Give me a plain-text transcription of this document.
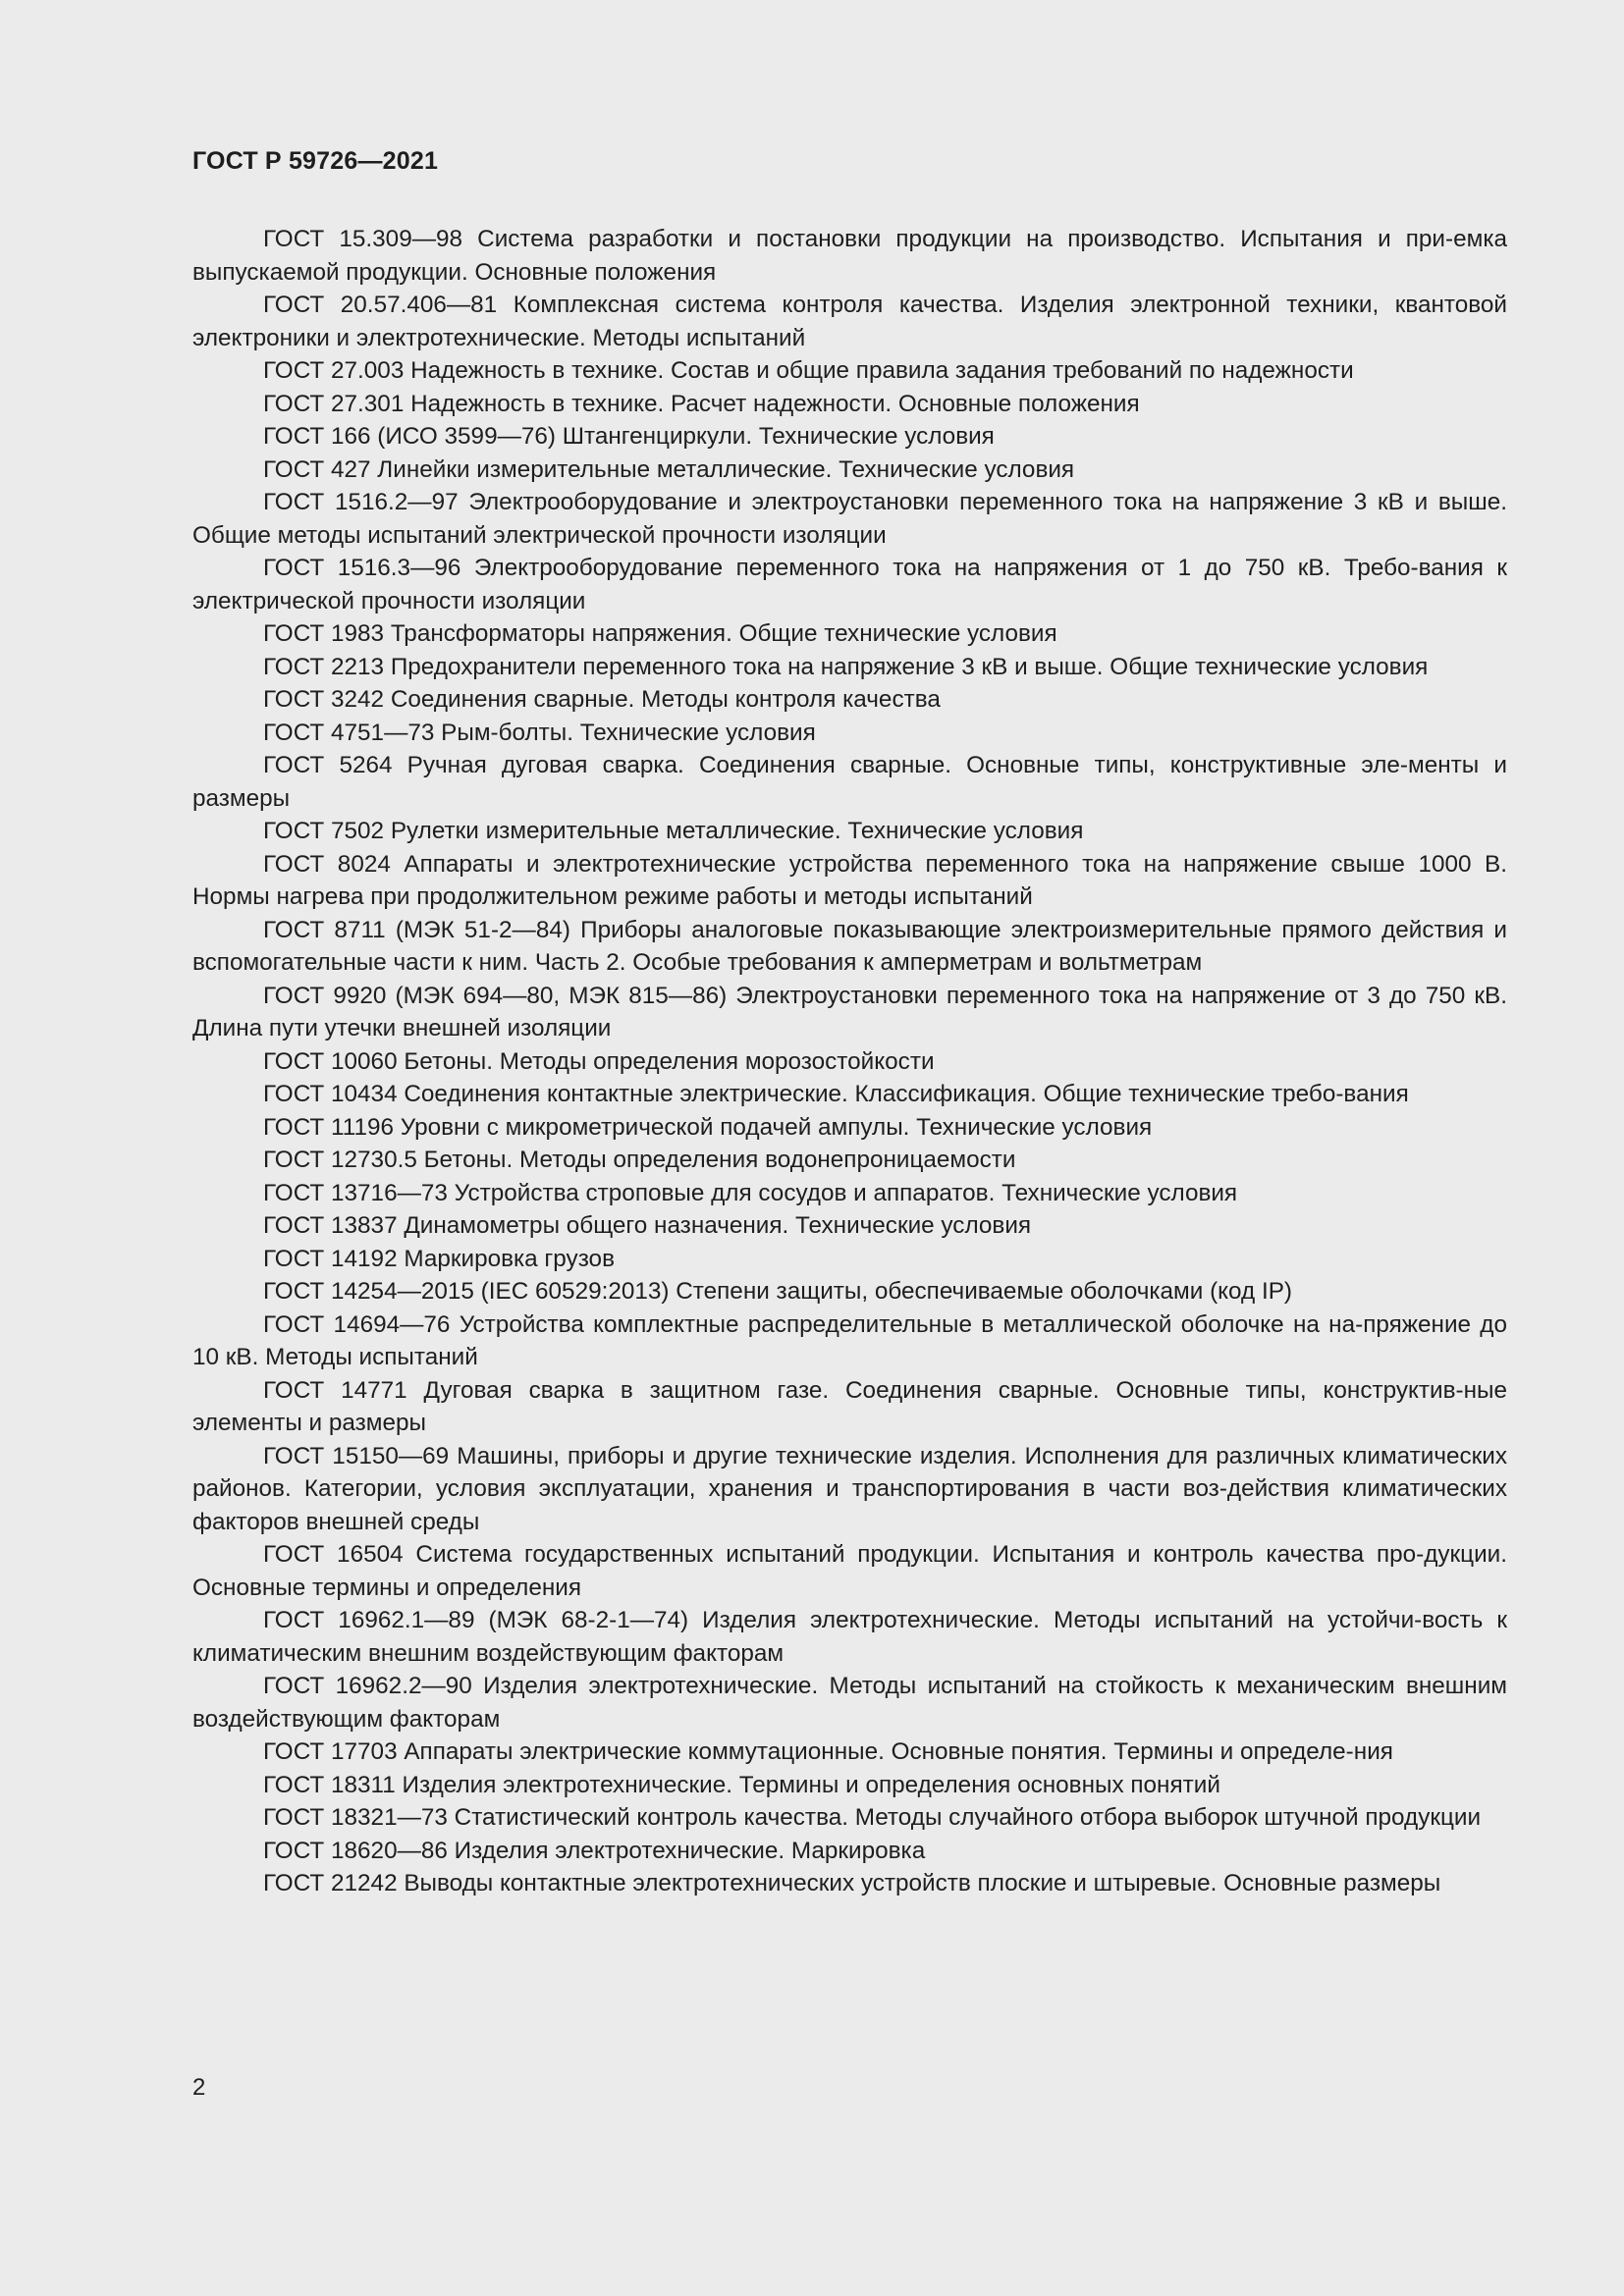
ГОСТ Р 59726—2021
ГОСТ 15.309—98 Система разработки и постановки продукции на производство. Испытания и при-емка выпускаемой продукции. Основные положения
ГОСТ 20.57.406—81 Комплексная система контроля качества. Изделия электронной техники, квантовой электроники и электротехнические. Методы испытаний
ГОСТ 27.003 Надежность в технике. Состав и общие правила задания требований по надежности
ГОСТ 27.301 Надежность в технике. Расчет надежности. Основные положения
ГОСТ 166 (ИСО 3599—76) Штангенциркули. Технические условия
ГОСТ 427 Линейки измерительные металлические. Технические условия
ГОСТ 1516.2—97 Электрооборудование и электроустановки переменного тока на напряжение 3 кВ и выше. Общие методы испытаний электрической прочности изоляции
ГОСТ 1516.3—96 Электрооборудование переменного тока на напряжения от 1 до 750 кВ. Требо-вания к электрической прочности изоляции
ГОСТ 1983 Трансформаторы напряжения. Общие технические условия
ГОСТ 2213 Предохранители переменного тока на напряжение 3 кВ и выше. Общие технические условия
ГОСТ 3242 Соединения сварные. Методы контроля качества
ГОСТ 4751—73 Рым-болты. Технические условия
ГОСТ 5264 Ручная дуговая сварка. Соединения сварные. Основные типы, конструктивные эле-менты и размеры
ГОСТ 7502 Рулетки измерительные металлические. Технические условия
ГОСТ 8024 Аппараты и электротехнические устройства переменного тока на напряжение свыше 1000 В. Нормы нагрева при продолжительном режиме работы и методы испытаний
ГОСТ 8711 (МЭК 51-2—84) Приборы аналоговые показывающие электроизмерительные прямого действия и вспомогательные части к ним. Часть 2. Особые требования к амперметрам и вольтметрам
ГОСТ 9920 (МЭК 694—80, МЭК 815—86) Электроустановки переменного тока на напряжение от 3 до 750 кВ. Длина пути утечки внешней изоляции
ГОСТ 10060 Бетоны. Методы определения морозостойкости
ГОСТ 10434 Соединения контактные электрические. Классификация. Общие технические требо-вания
ГОСТ 11196 Уровни с микрометрической подачей ампулы. Технические условия
ГОСТ 12730.5 Бетоны. Методы определения водонепроницаемости
ГОСТ 13716—73 Устройства строповые для сосудов и аппаратов. Технические условия
ГОСТ 13837 Динамометры общего назначения. Технические условия
ГОСТ 14192 Маркировка грузов
ГОСТ 14254—2015 (IEC 60529:2013) Степени защиты, обеспечиваемые оболочками (код IP)
ГОСТ 14694—76 Устройства комплектные распределительные в металлической оболочке на на-пряжение до 10 кВ. Методы испытаний
ГОСТ 14771 Дуговая сварка в защитном газе. Соединения сварные. Основные типы, конструктив-ные элементы и размеры
ГОСТ 15150—69 Машины, приборы и другие технические изделия. Исполнения для различных климатических районов. Категории, условия эксплуатации, хранения и транспортирования в части воз-действия климатических факторов внешней среды
ГОСТ 16504 Система государственных испытаний продукции. Испытания и контроль качества про-дукции. Основные термины и определения
ГОСТ 16962.1—89 (МЭК 68-2-1—74) Изделия электротехнические. Методы испытаний на устойчи-вость к климатическим внешним воздействующим факторам
ГОСТ 16962.2—90 Изделия электротехнические. Методы испытаний на стойкость к механическим внешним воздействующим факторам
ГОСТ 17703 Аппараты электрические коммутационные. Основные понятия. Термины и определе-ния
ГОСТ 18311 Изделия электротехнические. Термины и определения основных понятий
ГОСТ 18321—73 Статистический контроль качества. Методы случайного отбора выборок штучной продукции
ГОСТ 18620—86 Изделия электротехнические. Маркировка
ГОСТ 21242 Выводы контактные электротехнических устройств плоские и штыревые. Основные размеры
2
